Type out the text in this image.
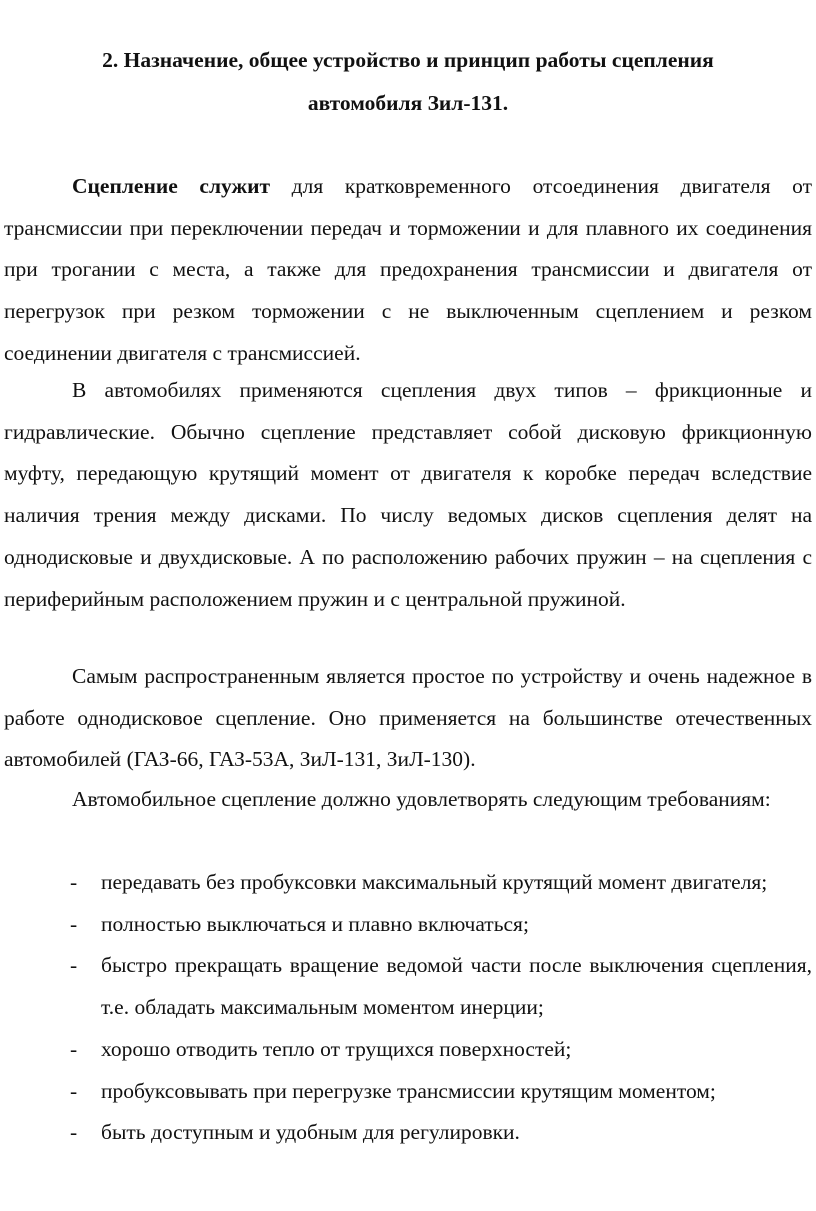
2. Назначение, общее устройство и принцип работы сцепления
автомобиля Зил-131.

Сцепление служит для кратковременного отсоединения двигателя от трансмиссии при переключении передач и торможении и для плавного их соединения при трогании с места, а также для предохранения трансмиссии и двигателя от перегрузок при резком торможении с не выключенным сцеплением и резком соединении двигателя с трансмиссией.

В автомобилях применяются сцепления двух типов – фрикционные и гидравлические. Обычно сцепление представляет собой дисковую фрикционную муфту, передающую крутящий момент от двигателя к коробке передач вследствие наличия трения между дисками. По числу ведомых дисков сцепления делят на однодисковые и двухдисковые. А по расположению рабочих пружин – на сцепления с периферийным расположением пружин и с центральной пружиной.

Самым распространенным является простое по устройству и очень надежное в работе однодисковое сцепление. Оно применяется на большинстве отечественных автомобилей (ГАЗ-66, ГАЗ-53А, ЗиЛ-131, ЗиЛ-130).

Автомобильное сцепление должно удовлетворять следующим требованиям:

- передавать без пробуксовки максимальный крутящий момент двигателя;
- полностью выключаться и плавно включаться;
- быстро прекращать вращение ведомой части после выключения сцепления, т.е. обладать максимальным моментом инерции;
- хорошо отводить тепло от трущихся поверхностей;
- пробуксовывать при перегрузке трансмиссии крутящим моментом;
- быть доступным и удобным для регулировки.
